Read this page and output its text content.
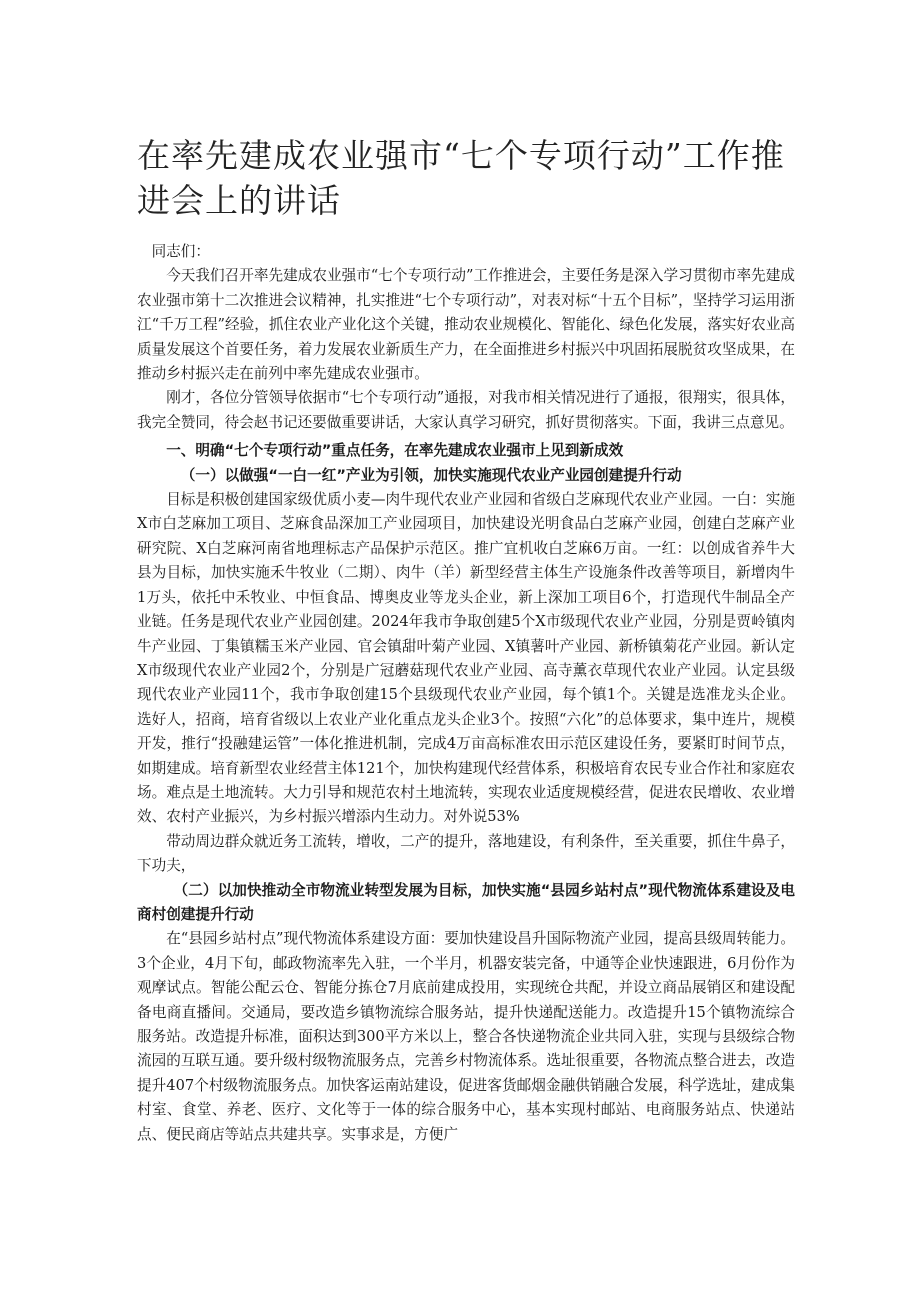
在率先建成农业强市“七个专项行动”工作推进会上的讲话

同志们：

今天我们召开率先建成农业强市“七个专项行动”工作推进会，主要任务是深入学习贯彻市率先建成农业强市第十二次推进会议精神，扎实推进“七个专项行动”，对表对标“十五个目标”，坚持学习运用浙江“千万工程”经验，抓住农业产业化这个关键，推动农业规模化、智能化、绿色化发展，落实好农业高质量发展这个首要任务，着力发展农业新质生产力，在全面推进乡村振兴中巩固拓展脱贫攻坚成果，在推动乡村振兴走在前列中率先建成农业强市。

刚才，各位分管领导依据市“七个专项行动”通报，对我市相关情况进行了通报，很翔实，很具体，我完全赞同，待会赵书记还要做重要讲话，大家认真学习研究，抓好贯彻落实。下面，我讲三点意见。

一、明确“七个专项行动”重点任务，在率先建成农业强市上见到新成效

（一）以做强“一白一红”产业为引领，加快实施现代农业产业园创建提升行动

目标是积极创建国家级优质小麦—肉牛现代农业产业园和省级白芝麻现代农业产业园。一白：实施X市白芝麻加工项目、芝麻食品深加工产业园项目，加快建设光明食品白芝麻产业园，创建白芝麻产业研究院、X白芝麻河南省地理标志产品保护示范区。推广宜机收白芝麻6万亩。一红：以创成省养牛大县为目标，加快实施禾牛牧业（二期）、肉牛（羊）新型经营主体生产设施条件改善等项目，新增肉牛1万头，依托中禾牧业、中恒食品、博奥皮业等龙头企业，新上深加工项目6个，打造现代牛制品全产业链。任务是现代农业产业园创建。2024年我市争取创建5个X市级现代农业产业园，分别是贾岭镇肉牛产业园、丁集镇糯玉米产业园、官会镇甜叶菊产业园、X镇薯叶产业园、新桥镇菊花产业园。新认定X市级现代农业产业园2个，分别是广冠蘑菇现代农业产业园、高寺薰衣草现代农业产业园。认定县级现代农业产业园11个，我市争取创建15个县级现代农业产业园，每个镇1个。关键是选准龙头企业。选好人，招商，培育省级以上农业产业化重点龙头企业3个。按照“六化”的总体要求，集中连片，规模开发，推行“投融建运管”一体化推进机制，完成4万亩高标准农田示范区建设任务，要紧盯时间节点，如期建成。培育新型农业经营主体121个，加快构建现代经营体系，积极培育农民专业合作社和家庭农场。难点是土地流转。大力引导和规范农村土地流转，实现农业适度规模经营，促进农民增收、农业增效、农村产业振兴，为乡村振兴增添内生动力。对外说53%

带动周边群众就近务工流转，增收，二产的提升，落地建设，有利条件，至关重要，抓住牛鼻子，下功夫，

（二）以加快推动全市物流业转型发展为目标，加快实施“县园乡站村点”现代物流体系建设及电商村创建提升行动

在“县园乡站村点”现代物流体系建设方面：要加快建设昌升国际物流产业园，提高县级周转能力。3个企业，4月下旬，邮政物流率先入驻，一个半月，机器安装完备，中通等企业快速跟进，6月份作为观摩试点。智能公配云仓、智能分拣仓7月底前建成投用，实现统仓共配，并设立商品展销区和建设配备电商直播间。交通局，要改造乡镇物流综合服务站，提升快递配送能力。改造提升15个镇物流综合服务站。改造提升标准，面积达到300平方米以上，整合各快递物流企业共同入驻，实现与县级综合物流园的互联互通。要升级村级物流服务点，完善乡村物流体系。选址很重要，各物流点整合进去，改造提升407个村级物流服务点。加快客运南站建设，促进客货邮烟金融供销融合发展，科学选址，建成集村室、食堂、养老、医疗、文化等于一体的综合服务中心，基本实现村邮站、电商服务站点、快递站点、便民商店等站点共建共享。实事求是，方便广
